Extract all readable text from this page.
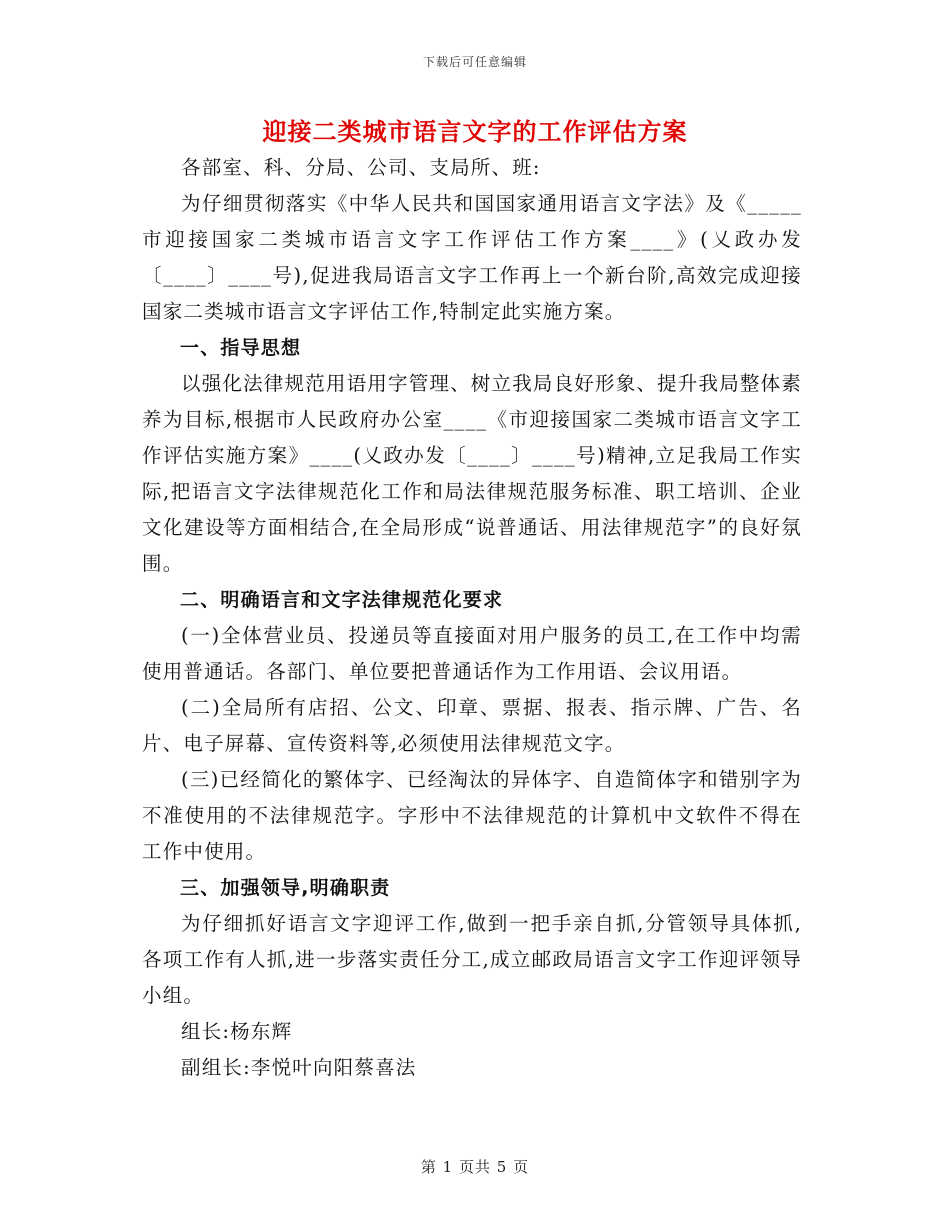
下载后可任意编辑
迎接二类城市语言文字的工作评估方案

各部室、科、分局、公司、支局所、班:

为仔细贯彻落实《中华人民共和国国家通用语言文字法》及《_____市迎接国家二类城市语言文字工作评估工作方案____》(乂政办发〔____〕____号),促进我局语言文字工作再上一个新台阶,高效完成迎接国家二类城市语言文字评估工作,特制定此实施方案。

一、指导思想

以强化法律规范用语用字管理、树立我局良好形象、提升我局整体素养为目标,根据市人民政府办公室____《市迎接国家二类城市语言文字工作评估实施方案》____(乂政办发〔____〕____号)精神,立足我局工作实际,把语言文字法律规范化工作和局法律规范服务标准、职工培训、企业文化建设等方面相结合,在全局形成“说普通话、用法律规范字”的良好氛围。

二、明确语言和文字法律规范化要求

(一)全体营业员、投递员等直接面对用户服务的员工,在工作中均需使用普通话。各部门、单位要把普通话作为工作用语、会议用语。

(二)全局所有店招、公文、印章、票据、报表、指示牌、广告、名片、电子屏幕、宣传资料等,必须使用法律规范文字。

(三)已经简化的繁体字、已经淘汰的异体字、自造简体字和错别字为不准使用的不法律规范字。字形中不法律规范的计算机中文软件不得在工作中使用。

三、加强领导,明确职责

为仔细抓好语言文字迎评工作,做到一把手亲自抓,分管领导具体抓,各项工作有人抓,进一步落实责任分工,成立邮政局语言文字工作迎评领导小组。

组长:杨东辉

副组长:李悦叶向阳蔡喜法

第 1 页共 5 页
